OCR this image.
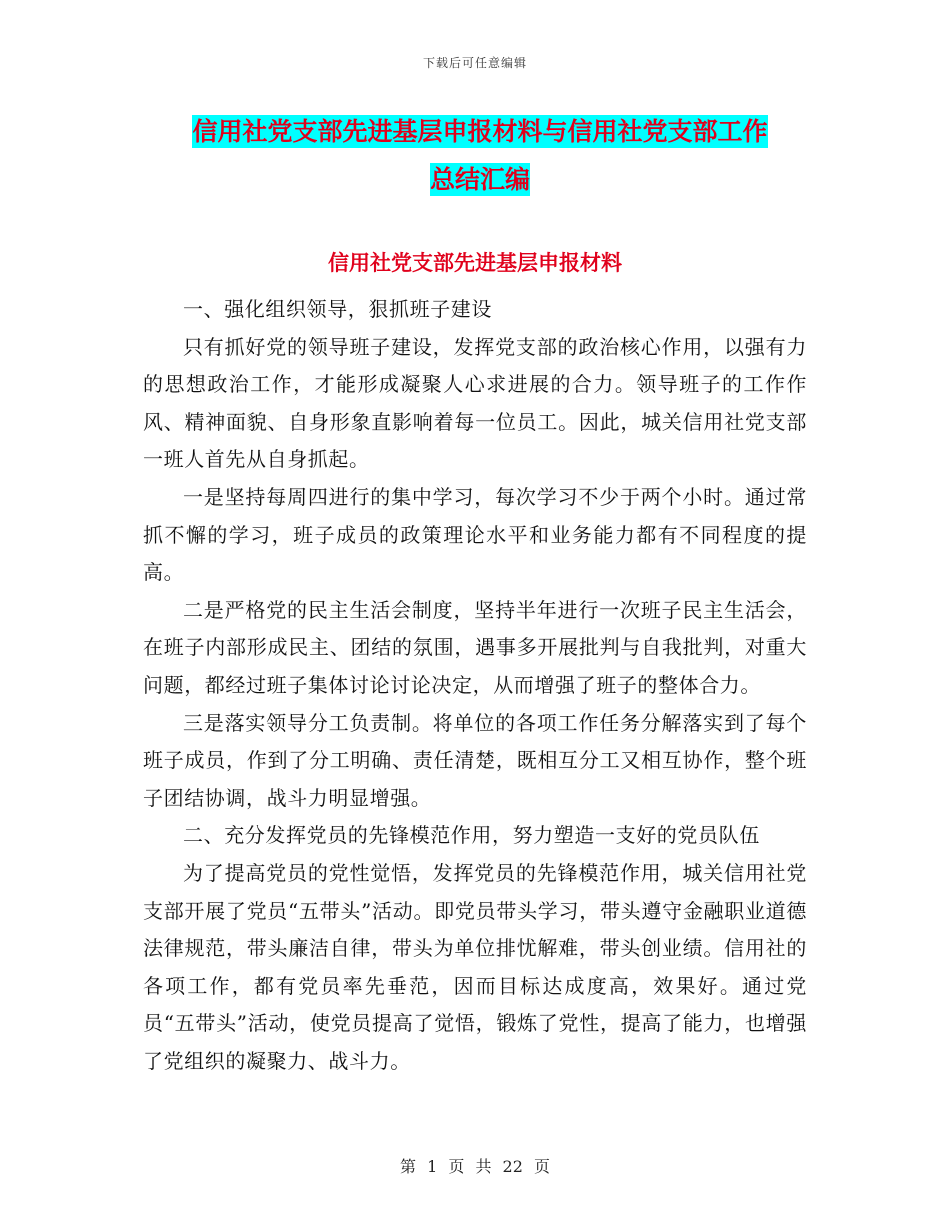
下载后可任意编辑
信用社党支部先进基层申报材料与信用社党支部工作
总结汇编
信用社党支部先进基层申报材料

一、强化组织领导，狠抓班子建设

只有抓好党的领导班子建设，发挥党支部的政治核心作用，以强有力的思想政治工作，才能形成凝聚人心求进展的合力。领导班子的工作作风、精神面貌、自身形象直影响着每一位员工。因此，城关信用社党支部一班人首先从自身抓起。

一是坚持每周四进行的集中学习，每次学习不少于两个小时。通过常抓不懈的学习，班子成员的政策理论水平和业务能力都有不同程度的提高。

二是严格党的民主生活会制度，坚持半年进行一次班子民主生活会，在班子内部形成民主、团结的氛围，遇事多开展批判与自我批判，对重大问题，都经过班子集体讨论讨论决定，从而增强了班子的整体合力。

三是落实领导分工负责制。将单位的各项工作任务分解落实到了每个班子成员，作到了分工明确、责任清楚，既相互分工又相互协作，整个班子团结协调，战斗力明显增强。

二、充分发挥党员的先锋模范作用，努力塑造一支好的党员队伍

为了提高党员的党性觉悟，发挥党员的先锋模范作用，城关信用社党支部开展了党员“五带头”活动。即党员带头学习，带头遵守金融职业道德法律规范，带头廉洁自律，带头为单位排忧解难，带头创业绩。信用社的各项工作，都有党员率先垂范，因而目标达成度高，效果好。通过党员“五带头”活动，使党员提高了觉悟，锻炼了党性，提高了能力，也增强了党组织的凝聚力、战斗力。

第 1 页 共 22 页
